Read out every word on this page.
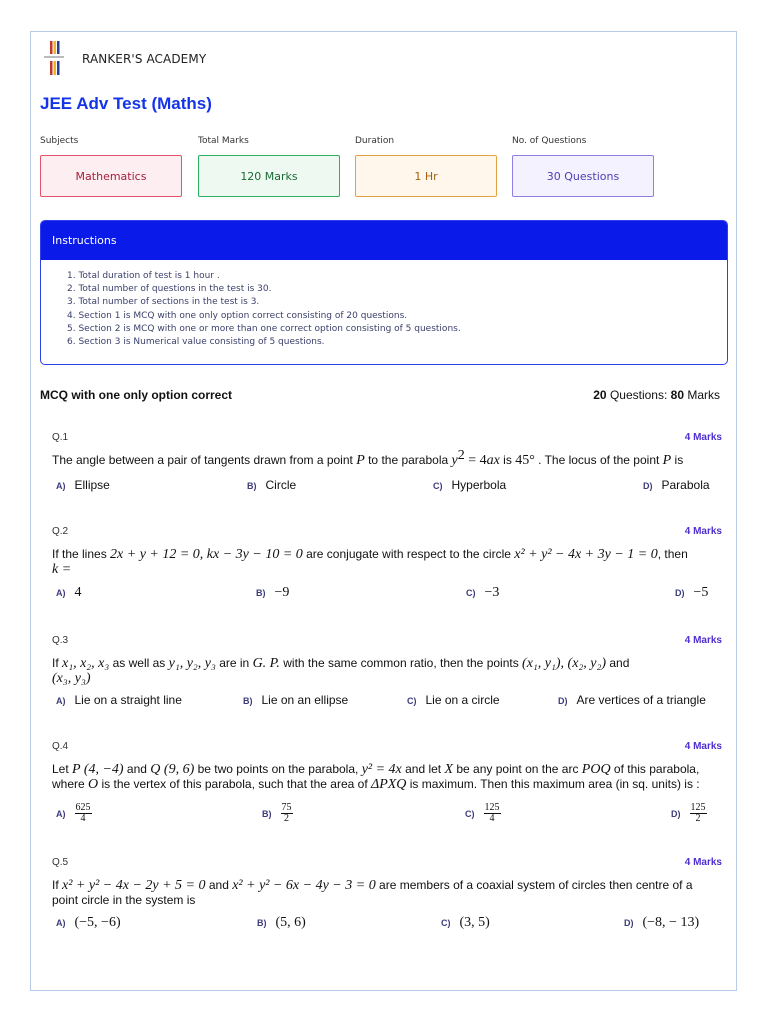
RANKER'S ACADEMY
JEE Adv Test (Maths)
Subjects	Total Marks	Duration	No. of Questions
Mathematics	120 Marks	1 Hr	30 Questions
Instructions
1. Total duration of test is 1 hour .
2. Total number of questions in the test is 30.
3. Total number of sections in the test is 3.
4. Section 1 is MCQ with one only option correct consisting of 20 questions.
5. Section 2 is MCQ with one or more than one correct option consisting of 5 questions.
6. Section 3 is Numerical value consisting of 5 questions.
MCQ with one only option correct	20 Questions: 80 Marks
Q.1	4 Marks
The angle between a pair of tangents drawn from a point P to the parabola $y^2 = 4ax$ is 45° . The locus of the point P is
A) Ellipse	B) Circle	C) Hyperbola	D) Parabola
Q.2	4 Marks
If the lines 2x + y + 12 = 0, kx − 3y − 10 = 0 are conjugate with respect to the circle x² + y² − 4x + 3y − 1 = 0, then
k =
A) 4	B) −9	C) −3	D) −5
Q.3	4 Marks
If x₁, x₂, x₃ as well as y₁, y₂, y₃ are in G. P. with the same common ratio, then the points (x₁, y₁), (x₂, y₂) and
(x₃, y₃)
A) Lie on a straight line	B) Lie on an ellipse	C) Lie on a circle	D) Are vertices of a triangle
Q.4	4 Marks
Let P (4, −4) and Q (9, 6) be two points on the parabola, y² = 4x and let X be any point on the arc POQ of this parabola,
where O is the vertex of this parabola, such that the area of ΔPXQ is maximum. Then this maximum area (in sq. units) is :
$A) \frac{625}{4}$	$B) \frac{75}{2}$	$C) \frac{125}{4}$	$D) \frac{125}{2}$
Q.5	4 Marks
If x² + y² − 4x − 2y + 5 = 0 and x² + y² − 6x − 4y − 3 = 0 are members of a coaxial system of circles then centre of a
point circle in the system is
A) (−5, −6)	B) (5, 6)	C) (3, 5)	D) (−8, − 13)
